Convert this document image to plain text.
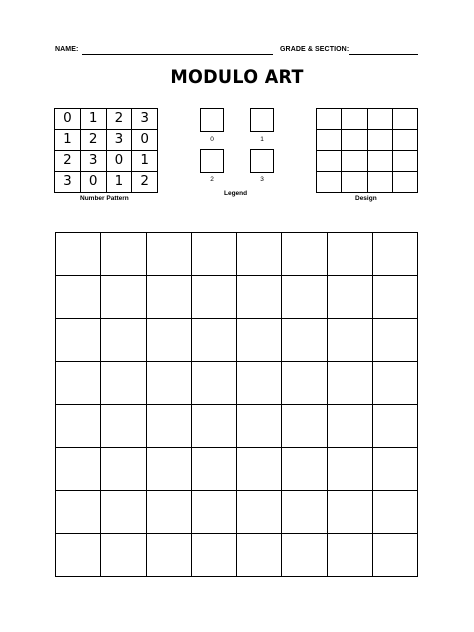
NAME:	GRADE & SECTION:
MODULO ART
0	1	2	3
1	2	3	0
2	3	0	1
3	0	1	2
Number Pattern
0	1
2	3
Legend

Design
